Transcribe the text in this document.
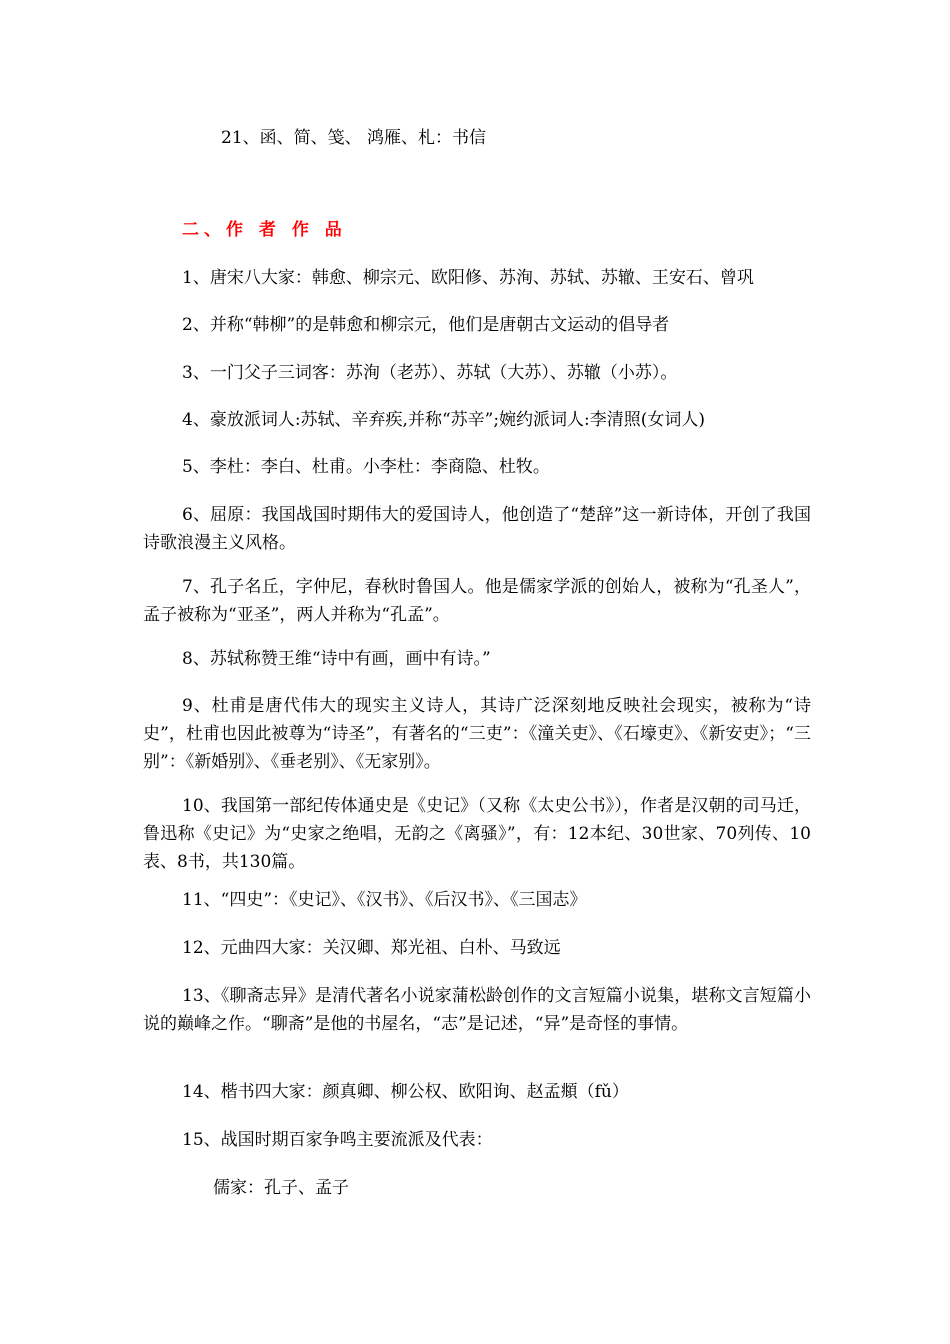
21、函、简、笺、 鸿雁、札：书信
二、作 者 作 品
1、唐宋八大家：韩愈、柳宗元、欧阳修、苏洵、苏轼、苏辙、王安石、曾巩
2、并称“韩柳”的是韩愈和柳宗元，他们是唐朝古文运动的倡导者
3、一门父子三词客：苏洵（老苏）、苏轼（大苏）、苏辙（小苏）。
4、豪放派词人:苏轼、辛弃疾,并称“苏辛”;婉约派词人:李清照(女词人)
5、李杜：李白、杜甫。小李杜：李商隐、杜牧。
6、屈原：我国战国时期伟大的爱国诗人，他创造了“楚辞”这一新诗体，开创了我国诗歌浪漫主义风格。
7、孔子名丘，字仲尼，春秋时鲁国人。他是儒家学派的创始人，被称为“孔圣人”，孟子被称为“亚圣”，两人并称为“孔孟”。
8、苏轼称赞王维“诗中有画，画中有诗。”
9、杜甫是唐代伟大的现实主义诗人，其诗广泛深刻地反映社会现实，被称为“诗史”，杜甫也因此被尊为“诗圣”，有著名的“三吏”：《潼关吏》、《石壕吏》、《新安吏》；“三别”：《新婚别》、《垂老别》、《无家别》。
10、我国第一部纪传体通史是《史记》（又称《太史公书》），作者是汉朝的司马迁，鲁迅称《史记》为“史家之绝唱，无韵之《离骚》”，有：12本纪、30世家、70列传、10表、8书，共130篇。
11、“四史”：《史记》、《汉书》、《后汉书》、《三国志》
12、元曲四大家：关汉卿、郑光祖、白朴、马致远
13、《聊斋志异》是清代著名小说家蒲松龄创作的文言短篇小说集，堪称文言短篇小说的巅峰之作。“聊斋”是他的书屋名，“志”是记述，“异”是奇怪的事情。
14、楷书四大家：颜真卿、柳公权、欧阳询、赵孟頫（fǔ）
15、战国时期百家争鸣主要流派及代表：
儒家：孔子、孟子
